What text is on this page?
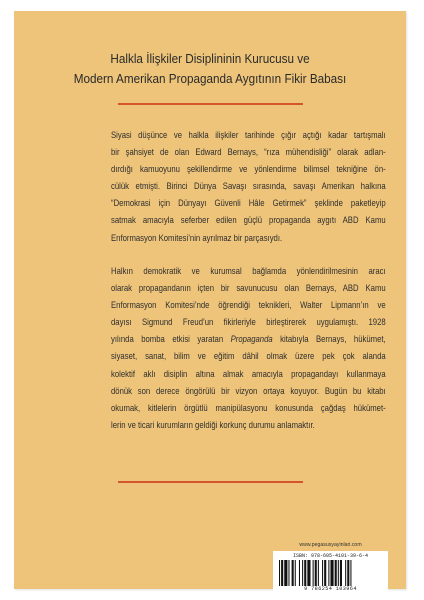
Halkla İlişkiler Disiplininin Kurucusu ve
Modern Amerikan Propaganda Aygıtının Fikir Babası
Siyasi düşünce ve halkla ilişkiler tarihinde çığır açtığı kadar tartışmalı
bir şahsiyet de olan Edward Bernays, “rıza mühendisliği” olarak adlan-
dırdığı kamuoyunu şekillendirme ve yönlendirme bilimsel tekniğine ön-
cülük etmişti. Birinci Dünya Savaşı sırasında, savaşı Amerikan halkına
“Demokrasi için Dünyayı Güvenli Hâle Getirmek” şeklinde paketleyip
satmak amacıyla seferber edilen güçlü propaganda aygıtı ABD Kamu
Enformasyon Komitesi’nin ayrılmaz bir parçasıydı.
Halkın demokratik ve kurumsal bağlamda yönlendirilmesinin aracı
olarak propagandanın içten bir savunucusu olan Bernays, ABD Kamu
Enformasyon Komitesi’nde öğrendiği teknikleri, Walter Lipmann’ın ve
dayısı Sigmund Freud’un fikirleriyle birleştirerek uygulamıştı. 1928
yılında bomba etkisi yaratan Propaganda kitabıyla Bernays, hükümet,
siyaset, sanat, bilim ve eğitim dâhil olmak üzere pek çok alanda
kolektif aklı disiplin altına almak amacıyla propagandayı kullanmaya
dönük son derece öngörülü bir vizyon ortaya koyuyor. Bugün bu kitabı
okumak, kitlelerin örgütlü manipülasyonu konusunda çağdaş hükümet-
lerin ve ticari kurumların geldiği korkunç durumu anlamaktır.
www.pegasusyayinlari.com
ISBN: 978-605-4101-39-6-4
9 786254 103964
